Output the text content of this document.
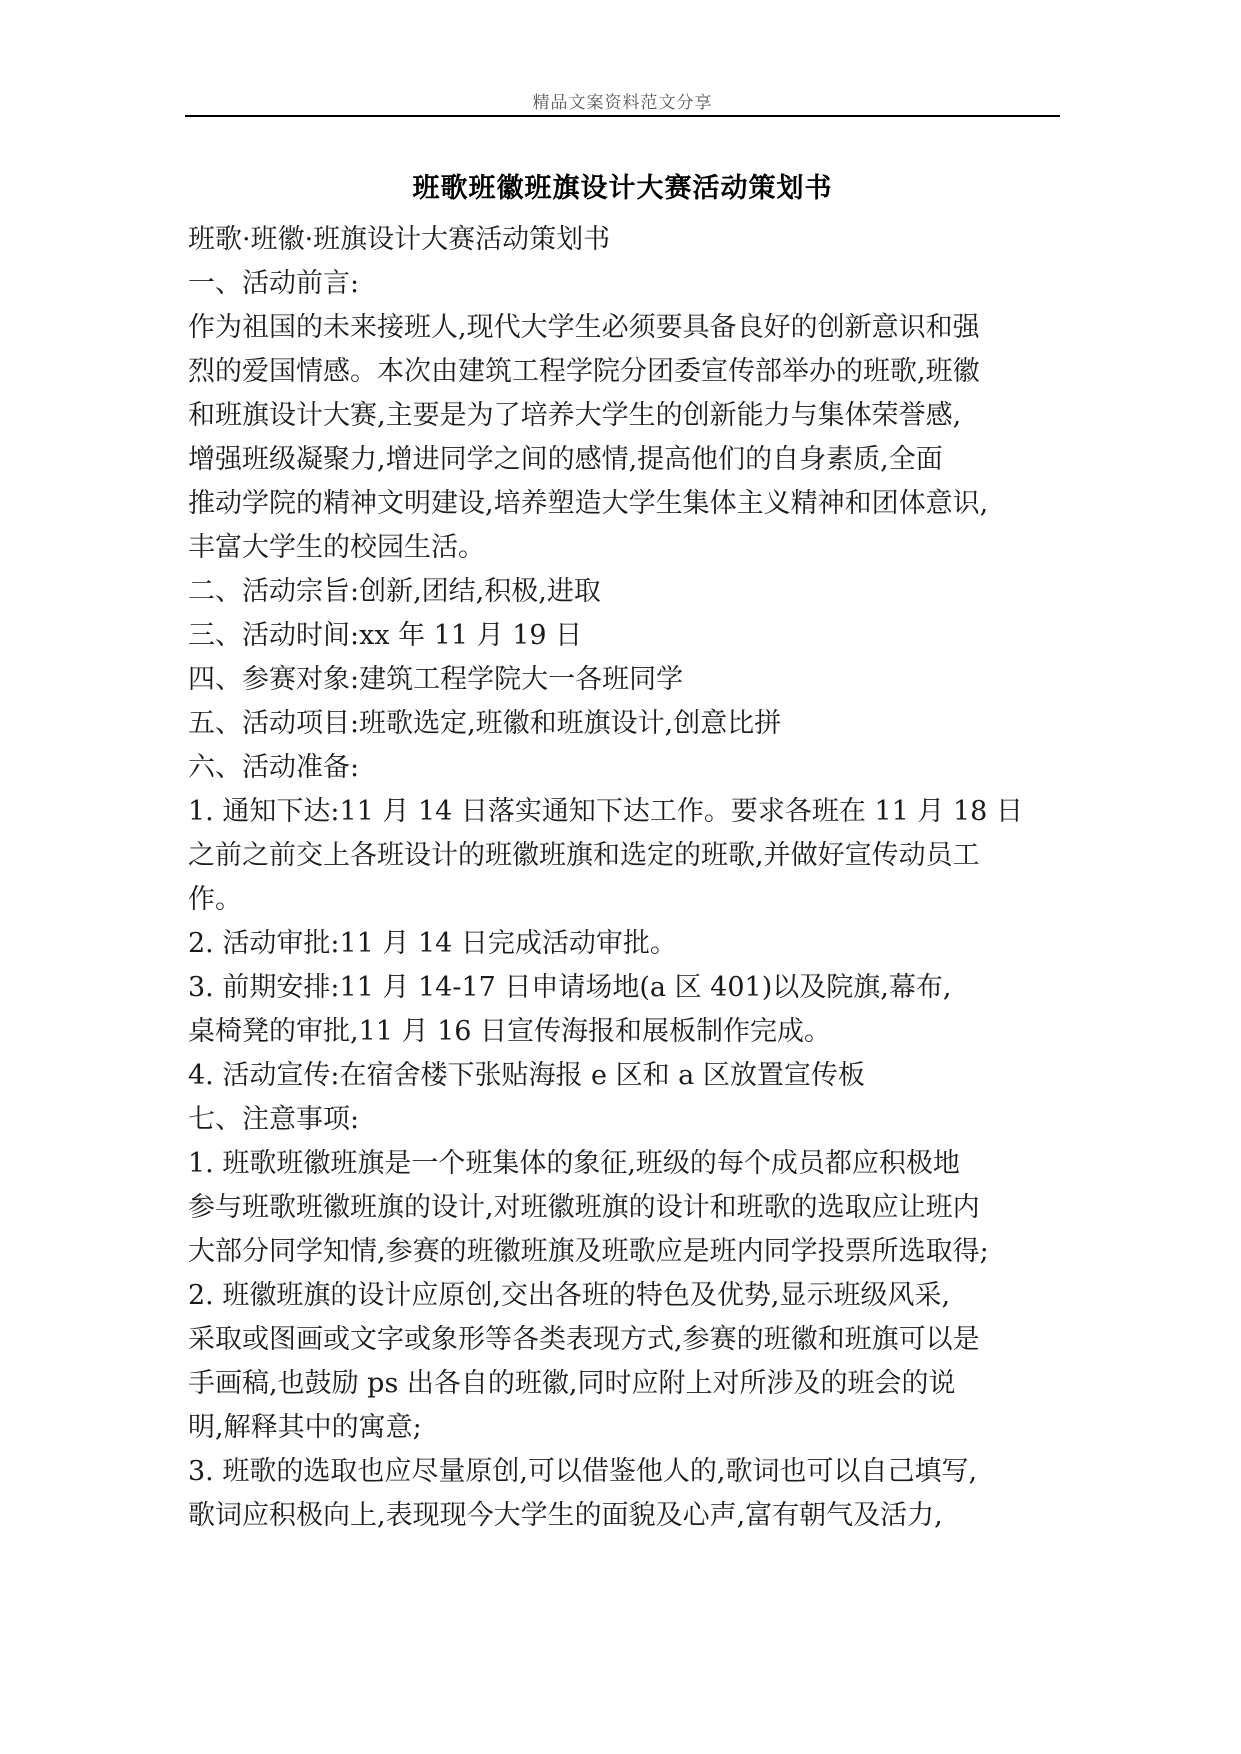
精品文案资料范文分享
班歌班徽班旗设计大赛活动策划书
班歌·班徽·班旗设计大赛活动策划书
一、活动前言:
作为祖国的未来接班人,现代大学生必须要具备良好的创新意识和强
烈的爱国情感。本次由建筑工程学院分团委宣传部举办的班歌,班徽
和班旗设计大赛,主要是为了培养大学生的创新能力与集体荣誉感,
增强班级凝聚力,增进同学之间的感情,提高他们的自身素质,全面
推动学院的精神文明建设,培养塑造大学生集体主义精神和团体意识,
丰富大学生的校园生活。
二、活动宗旨:创新,团结,积极,进取
三、活动时间:xx 年 11 月 19 日
四、参赛对象:建筑工程学院大一各班同学
五、活动项目:班歌选定,班徽和班旗设计,创意比拼
六、活动准备:
1. 通知下达:11 月 14 日落实通知下达工作。要求各班在 11 月 18 日
之前之前交上各班设计的班徽班旗和选定的班歌,并做好宣传动员工
作。
2. 活动审批:11 月 14 日完成活动审批。
3. 前期安排:11 月 14-17 日申请场地(a 区 401)以及院旗,幕布,
桌椅凳的审批,11 月 16 日宣传海报和展板制作完成。
4. 活动宣传:在宿舍楼下张贴海报 e 区和 a 区放置宣传板
七、注意事项:
1. 班歌班徽班旗是一个班集体的象征,班级的每个成员都应积极地
参与班歌班徽班旗的设计,对班徽班旗的设计和班歌的选取应让班内
大部分同学知情,参赛的班徽班旗及班歌应是班内同学投票所选取得;
2. 班徽班旗的设计应原创,交出各班的特色及优势,显示班级风采,
采取或图画或文字或象形等各类表现方式,参赛的班徽和班旗可以是
手画稿,也鼓励 ps 出各自的班徽,同时应附上对所涉及的班会的说
明,解释其中的寓意;
3. 班歌的选取也应尽量原创,可以借鉴他人的,歌词也可以自己填写,
歌词应积极向上,表现现今大学生的面貌及心声,富有朝气及活力,
